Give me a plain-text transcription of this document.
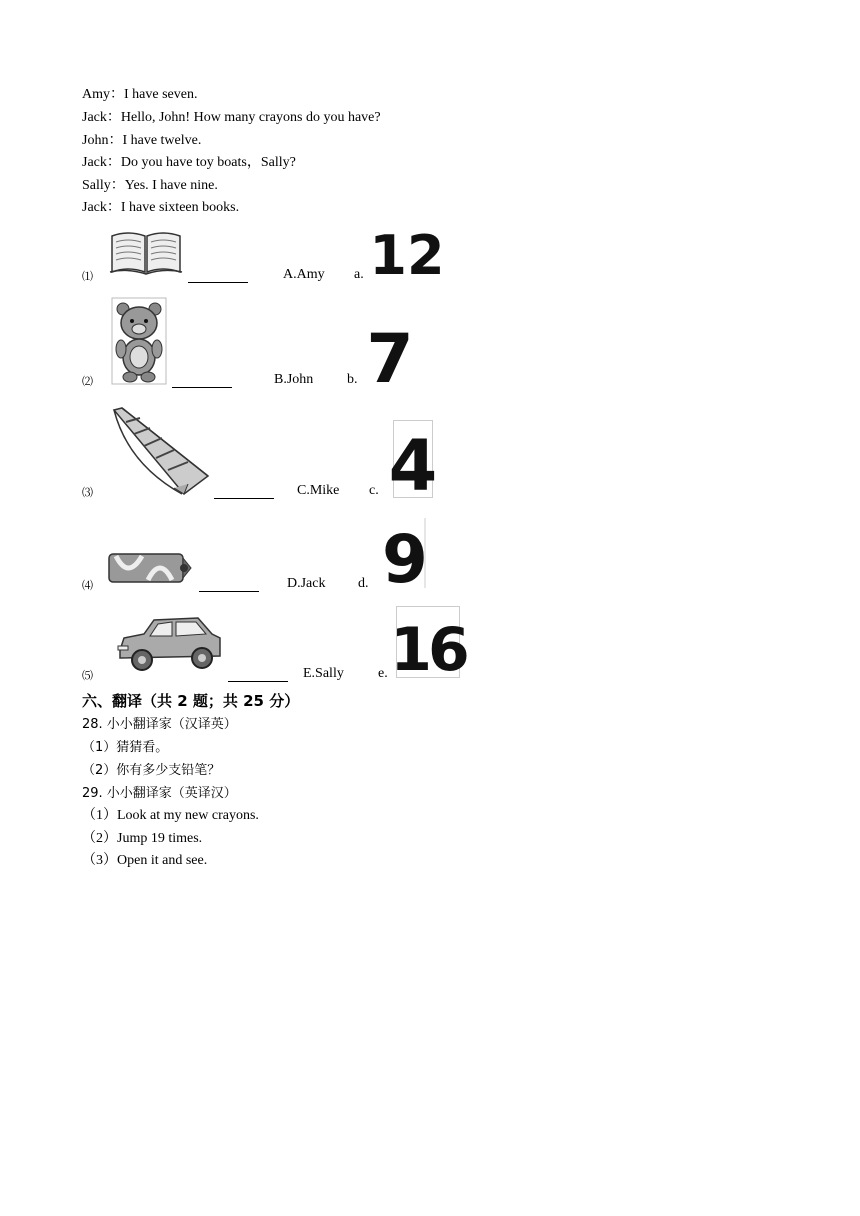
Amy：I have seven.
Jack：Hello, John! How many crayons do you have?
John：I have twelve.
Jack：Do you have toy boats，Sally?
Sally：Yes. I have nine.
Jack：I have sixteen books.
⑴	A.Amy a. 12
⑵	B.John b. 7
⑶	C.Mike c. 4
⑷	D.Jack d. 9
⑸	E.Sally e. 16
六、翻译（共 2 题；共 25 分）
28. 小小翻译家（汉译英）
（1）猜猜看。
（2）你有多少支铅笔？
29. 小小翻译家（英译汉）
（1）Look at my new crayons.
（2）Jump 19 times.
（3）Open it and see.
